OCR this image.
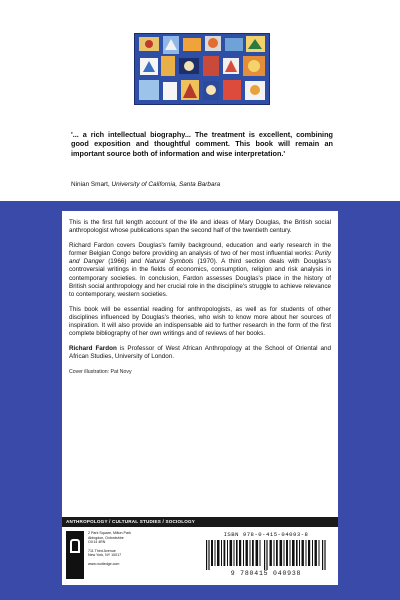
'... a rich intellectual biography... The treatment is excellent, combining good exposition and thoughtful comment. This book will remain an important source both of information and wise interpretation.'

Ninian Smart, University of California, Santa Barbara

This is the first full length account of the life and ideas of Mary Douglas, the British social anthropologist whose publications span the second half of the twentieth century.

Richard Fardon covers Douglas's family background, education and early research in the former Belgian Congo before providing an analysis of two of her most influential works: Purity and Danger (1966) and Natural Symbols (1970). A third section deals with Douglas's controversial writings in the fields of economics, consumption, religion and risk analysis in contemporary societies. In conclusion, Fardon assesses Douglas's place in the history of British social anthropology and her crucial role in the discipline's struggle to achieve relevance to contemporary, western societies.

This book will be essential reading for anthropologists, as well as for students of other disciplines influenced by Douglas's theories, who wish to know more about her sources of inspiration. It will also provide an indispensable aid to further research in the form of the first complete bibliography of her own writings and of reviews of her books.

Richard Fardon is Professor of West African Anthropology at the School of Oriental and African Studies, University of London.

Cover illustration: Pat Novy
ANTHROPOLOGY / CULTURAL STUDIES / SOCIOLOGY
2 Park Square, Milton Park
Abingdon, Oxfordshire
OX14 4RN
711 Third Avenue
New York, NY 10017
www.routledge.com
ISBN 978-0-415-04093-8
9 780415 040938
